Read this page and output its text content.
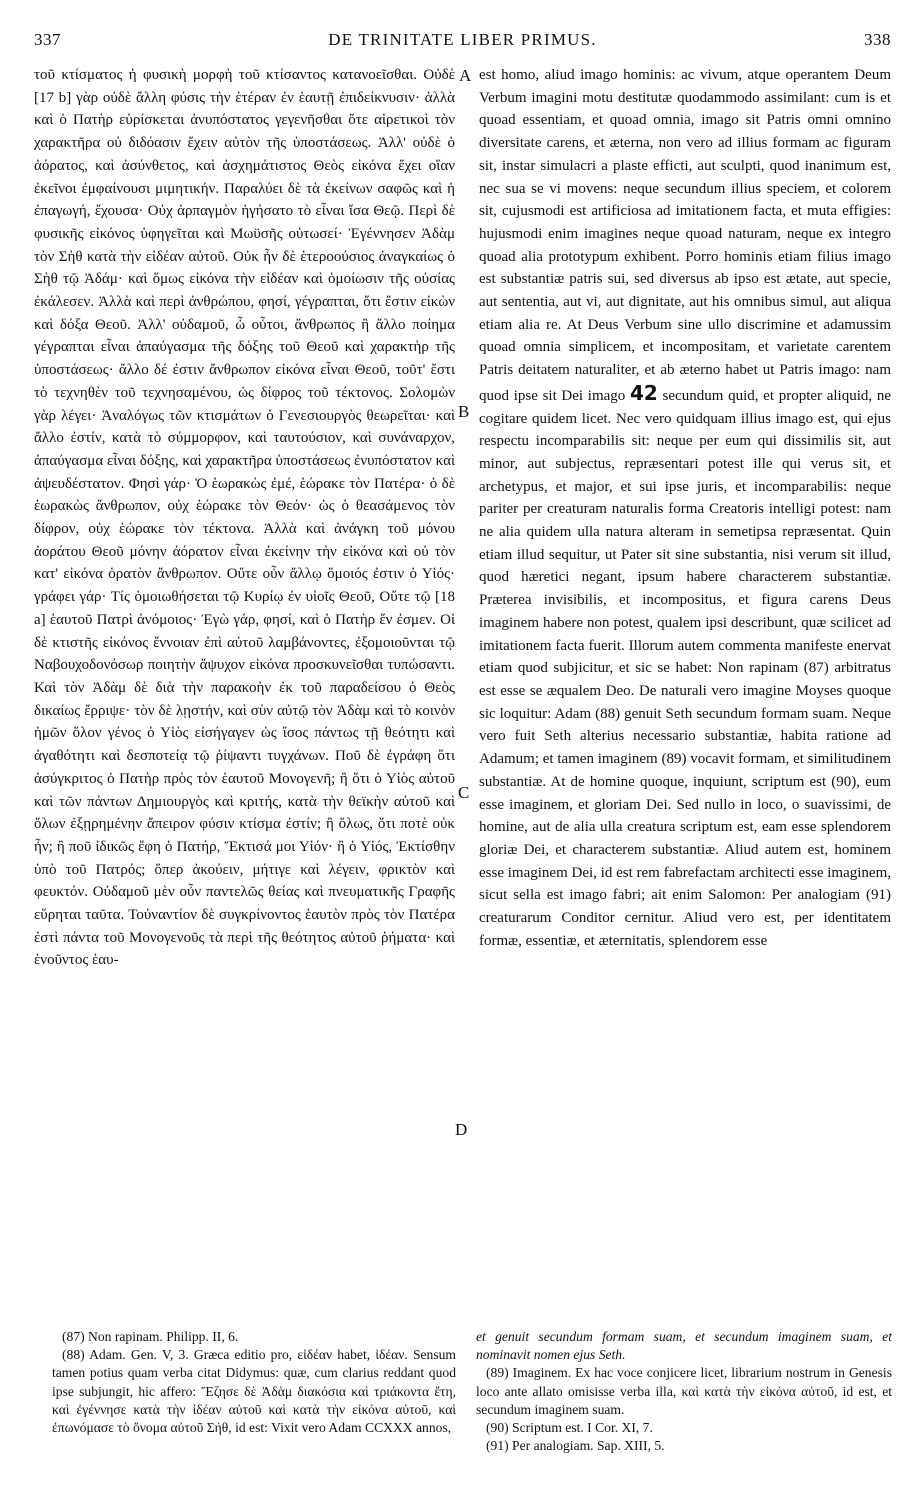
337	DE TRINITATE LIBER PRIMUS.	338

τοῦ κτίσματος ἡ φυσικὴ μορφὴ τοῦ κτίσαντος κατανοεῖσθαι. Οὐδὲ [17 b] γὰρ οὐδὲ ἄλλη φύσις τὴν ἑτέραν ἐν ἑαυτῇ ἐπιδείκνυσιν· ἀλλὰ καὶ ὁ Πατὴρ εὑρίσκεται ἀνυπόστατος γεγενῆσθαι ὅτε αἱρετικοὶ τὸν χαρακτῆρα οὐ διδόασιν ἔχειν αὐτὸν τῆς ὑποστάσεως. Ἀλλ' οὐδὲ ὁ ἀόρατος, καὶ ἀσύνθετος, καὶ ἀσχημάτιστος Θεὸς εἰκόνα ἔχει οἵαν ἐκεῖνοι ἐμφαίνουσι μιμητικήν. Παραλύει δὲ τὰ ἐκείνων σαφῶς καὶ ἡ ἐπαγωγή, ἔχουσα· Οὐχ ἁρπαγμὸν ἡγήσατο τὸ εἶναι ἴσα Θεῷ. Περὶ δὲ φυσικῆς εἰκόνος ὑφηγεῖται καὶ Μωϋσῆς οὑτωσεί· Ἐγέννησεν Ἀδὰμ τὸν Σὴθ κατὰ τὴν εἰδέαν αὐτοῦ. Οὐκ ἦν δὲ ἑτεροούσιος ἀναγκαίως ὁ Σὴθ τῷ Ἀδάμ· καὶ ὅμως εἰκόνα τὴν εἰδέαν καὶ ὁμοίωσιν τῆς οὐσίας ἐκάλεσεν. Ἀλλὰ καὶ περὶ ἀνθρώπου, φησί, γέγραπται, ὅτι ἔστιν εἰκὼν καὶ δόξα Θεοῦ. Ἀλλ' οὐδαμοῦ, ὦ οὗτοι, ἄνθρωπος ἢ ἄλλο ποίημα γέγραπται εἶναι ἀπαύγασμα τῆς δόξης τοῦ Θεοῦ καὶ χαρακτὴρ τῆς ὑποστάσεως· ἄλλο δέ ἐστιν ἄνθρωπον εἰκόνα εἶναι Θεοῦ, τοῦτ' ἔστι τὸ τεχνηθὲν τοῦ τεχνησαμένου, ὡς δίφρος τοῦ τέκτονος. Σολομὼν γὰρ λέγει· Ἀναλόγως τῶν κτισμάτων ὁ Γενεσιουργὸς θεωρεῖται· καὶ ἄλλο ἐστίν, κατὰ τὸ σύμμορφον, καὶ ταυτούσιον, καὶ συνάναρχον, ἀπαύγασμα εἶναι δόξης, καὶ χαρακτῆρα ὑποστάσεως ἐνυπόστατον καὶ ἀψευδέστατον. Φησὶ γάρ· Ὁ ἑωρακὼς ἐμέ, ἑώρακε τὸν Πατέρα· ὁ δὲ ἑωρακὼς ἄνθρωπον, οὐχ ἑώρακε τὸν Θεόν· ὡς ὁ θεασάμενος τὸν δίφρον, οὐχ ἑώρακε τὸν τέκτονα. Ἀλλὰ καὶ ἀνάγκη τοῦ μόνου ἀοράτου Θεοῦ μόνην ἀόρατον εἶναι ἐκείνην τὴν εἰκόνα καὶ οὐ τὸν κατ' εἰκόνα ὁρατὸν ἄνθρωπον. Οὔτε οὖν ἄλλῳ ὅμοιός ἐστιν ὁ Υἱός· γράφει γάρ· Τίς ὁμοιωθήσεται τῷ Κυρίῳ ἐν υἱοῖς Θεοῦ, Οὔτε τῷ [18 a] ἑαυτοῦ Πατρὶ ἀνόμοιος· Ἐγὼ γάρ, φησί, καὶ ὁ Πατὴρ ἕν ἐσμεν. Οἱ δὲ κτιστῆς εἰκόνος ἔννοιαν ἐπὶ αὐτοῦ λαμβάνοντες, ἐξομοιοῦνται τῷ Ναβουχοδονόσωρ ποιητὴν ἄψυχον εἰκόνα προσκυνεῖσθαι τυπώσαντι. Καὶ τὸν Ἀδὰμ δὲ διὰ τὴν παρακοὴν ἐκ τοῦ παραδείσου ὁ Θεὸς δικαίως ἔρριψε· τὸν δὲ λῃστήν, καὶ σὺν αὐτῷ τὸν Ἀδὰμ καὶ τὸ κοινὸν ἡμῶν ὅλον γένος ὁ Υἱὸς εἰσήγαγεν ὡς ἴσος πάντως τῇ θεότητι καὶ ἀγαθότητι καὶ δεσποτείᾳ τῷ ῥίψαντι τυγχάνων. Ποῦ δὲ ἐγράφη ὅτι ἀσύγκριτος ὁ Πατὴρ πρὸς τὸν ἑαυτοῦ Μονογενῆ; ἢ ὅτι ὁ Υἱὸς αὐτοῦ καὶ τῶν πάντων Δημιουργὸς καὶ κριτής, κατὰ τὴν θεϊκὴν αὐτοῦ καὶ ὅλων ἐξῃρημένην ἄπειρον φύσιν κτίσμα ἐστίν; ἢ ὅλως, ὅτι ποτὲ οὐκ ἦν; ἢ ποῦ ἰδικῶς ἔφη ὁ Πατήρ, Ἔκτισά μοι Υἱόν· ἢ ὁ Υἱός, Ἐκτίσθην ὑπὸ τοῦ Πατρός; ὅπερ ἀκούειν, μήτιγε καὶ λέγειν, φρικτὸν καὶ φευκτόν. Οὐδαμοῦ μὲν οὖν παντελῶς θείας καὶ πνευματικῆς Γραφῆς εὕρηται ταῦτα. Τοὐναντίον δὲ συγκρίνοντος ἑαυτὸν πρὸς τὸν Πατέρα ἐστὶ πάντα τοῦ Μονογενοῦς τὰ περὶ τῆς θεότητος αὐτοῦ ῥήματα· καὶ ἑνοῦντος ἑαυ-

A
B
C
D

est homo, aliud imago hominis: ac vivum, atque operantem Deum Verbum imagini motu destitutæ quodammodo assimilant: cum is et quoad essentiam, et quoad omnia, imago sit Patris omni omnino diversitate carens, et æterna, non vero ad illius formam ac figuram sit, instar simulacri a plaste efficti, aut sculpti, quod inanimum est, nec sua se vi movens: neque secundum illius speciem, et colorem sit, cujusmodi est artificiosa ad imitationem facta, et muta effigies: hujusmodi enim imagines neque quoad naturam, neque ex integro quoad alia prototypum exhibent. Porro hominis etiam filius imago est substantiæ patris sui, sed diversus ab ipso est ætate, aut specie, aut sententia, aut vi, aut dignitate, aut his omnibus simul, aut aliqua etiam alia re. At Deus Verbum sine ullo discrimine et adamussim quoad omnia simplicem, et incompositam, et varietate carentem Patris deitatem naturaliter, et ab æterno habet ut Patris imago: nam quod ipse sit Dei imago 42 secundum quid, et propter aliquid, ne cogitare quidem licet. Nec vero quidquam illius imago est, qui ejus respectu incomparabilis sit: neque per eum qui dissimilis sit, aut minor, aut subjectus, repræsentari potest ille qui verus sit, et archetypus, et major, et sui ipse juris, et incomparabilis: neque pariter per creaturam naturalis forma Creatoris intelligi potest: nam ne alia quidem ulla natura alteram in semetipsa repræsentat. Quin etiam illud sequitur, ut Pater sit sine substantia, nisi verum sit illud, quod hæretici negant, ipsum habere characterem substantiæ. Præterea invisibilis, et incompositus, et figura carens Deus imaginem habere non potest, qualem ipsi describunt, quæ scilicet ad imitationem facta fuerit. Illorum autem commenta manifeste enervat etiam quod subjicitur, et sic se habet: Non rapinam (87) arbitratus est esse se æqualem Deo. De naturali vero imagine Moyses quoque sic loquitur: Adam (88) genuit Seth secundum formam suam. Neque vero fuit Seth alterius necessario substantiæ, habita ratione ad Adamum; et tamen imaginem (89) vocavit formam, et similitudinem substantiæ. At de homine quoque, inquiunt, scriptum est (90), eum esse imaginem, et gloriam Dei. Sed nullo in loco, o suavissimi, de homine, aut de alia ulla creatura scriptum est, eam esse splendorem gloriæ Dei, et characterem substantiæ. Aliud autem est, hominem esse imaginem Dei, id est rem fabrefactam architecti esse imaginem, sicut sella est imago fabri; ait enim Salomon: Per analogiam (91) creaturarum Conditor cernitur. Aliud vero est, per identitatem formæ, essentiæ, et æternitatis, splendorem esse

(87) Non rapinam. Philipp. II, 6.

(88) Adam. Gen. V, 3. Græca editio pro, εἰδέαν habet, ἰδέαν. Sensum tamen potius quam verba citat Didymus: quæ, cum clarius reddant quod ipse subjungit, hic affero: Ἔζησε δὲ Ἀδὰμ διακόσια καὶ τριάκοντα ἔτη, καὶ ἐγέννησε κατὰ τὴν ἰδέαν αὐτοῦ καὶ κατὰ τὴν εἰκόνα αὐτοῦ, καὶ ἐπωνόμασε τὸ ὄνομα αὐτοῦ Σήθ, id est: Vixit vero Adam CCXXX annos,

et genuit secundum formam suam, et secundum imaginem suam, et nominavit nomen ejus Seth.

(89) Imaginem. Ex hac voce conjicere licet, librarium nostrum in Genesis loco ante allato omisisse verba illa, καὶ κατὰ τὴν εἰκόνα αὐτοῦ, id est, et secundum imaginem suam.

(90) Scriptum est. I Cor. XI, 7.

(91) Per analogiam. Sap. XIII, 5.
